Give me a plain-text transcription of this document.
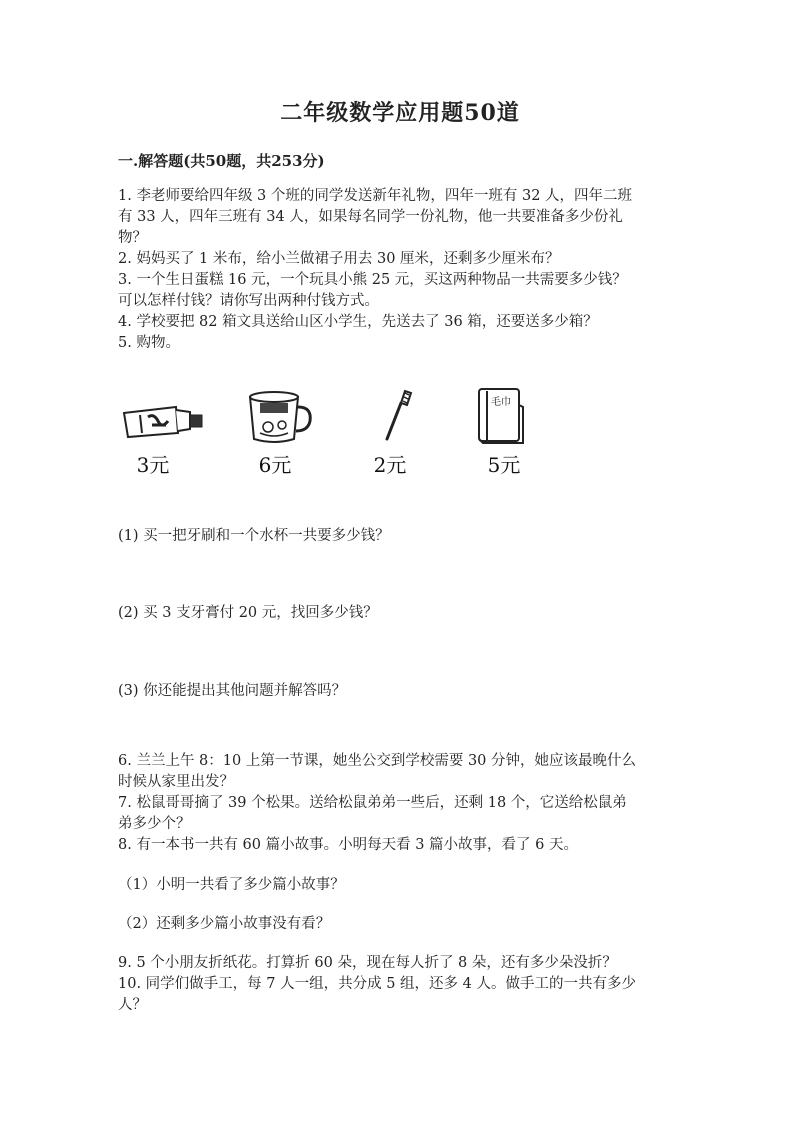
二年级数学应用题50道
一.解答题(共50题，共253分)
1. 李老师要给四年级 3 个班的同学发送新年礼物，四年一班有 32 人，四年二班
有 33 人，四年三班有 34 人，如果每名同学一份礼物，他一共要准备多少份礼
物？
2. 妈妈买了 1 米布，给小兰做裙子用去 30 厘米，还剩多少厘米布？
3. 一个生日蛋糕 16 元，一个玩具小熊 25 元，买这两种物品一共需要多少钱？
可以怎样付钱？请你写出两种付钱方式。
4. 学校要把 82 箱文具送给山区小学生，先送去了 36 箱，还要送多少箱？
5. 购物。
3元	6元	2元
毛巾
5元
(1) 买一把牙刷和一个水杯一共要多少钱？
(2) 买 3 支牙膏付 20 元，找回多少钱？
(3) 你还能提出其他问题并解答吗？
6. 兰兰上午 8：10 上第一节课，她坐公交到学校需要 30 分钟，她应该最晚什么
时候从家里出发？
7. 松鼠哥哥摘了 39 个松果。送给松鼠弟弟一些后，还剩 18 个，它送给松鼠弟
弟多少个？
8. 有一本书一共有 60 篇小故事。小明每天看 3 篇小故事，看了 6 天。
（1）小明一共看了多少篇小故事？
（2）还剩多少篇小故事没有看？
9. 5 个小朋友折纸花。打算折 60 朵，现在每人折了 8 朵，还有多少朵没折？
10. 同学们做手工，每 7 人一组，共分成 5 组，还多 4 人。做手工的一共有多少
人？
